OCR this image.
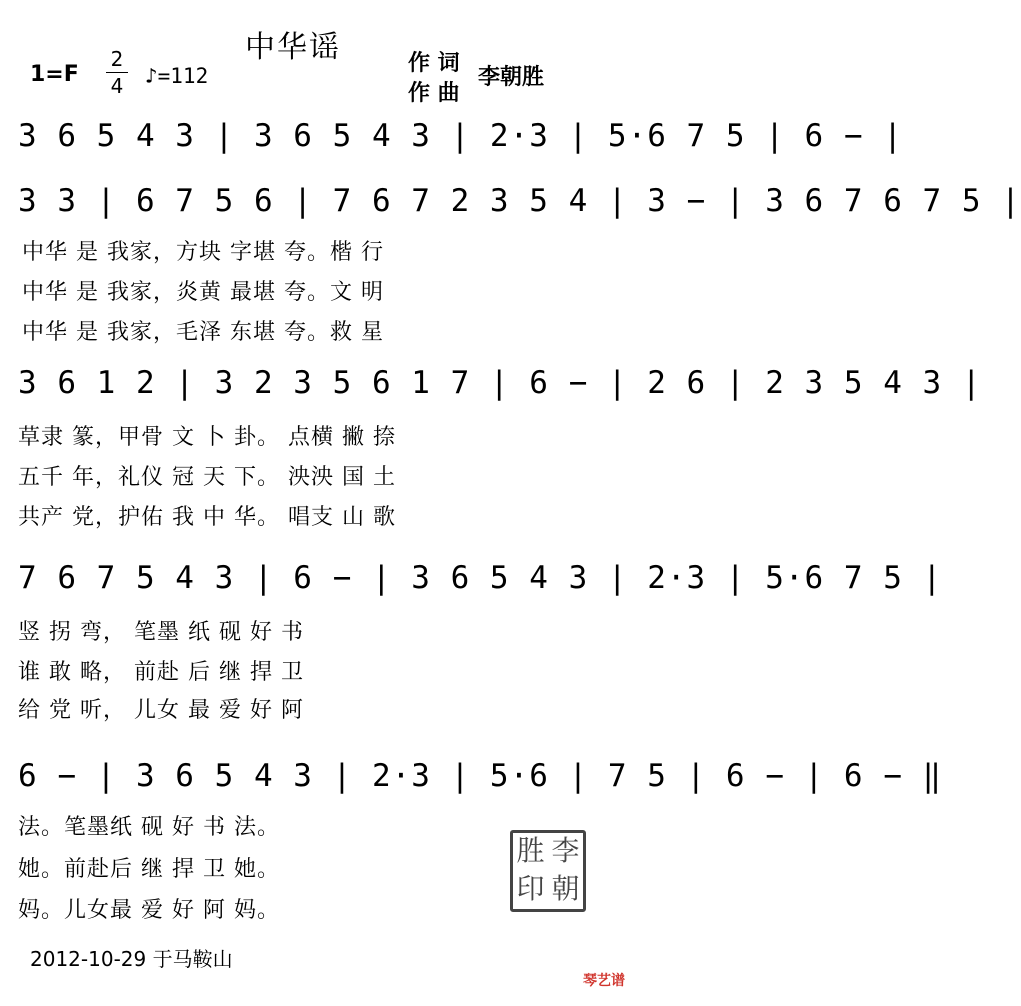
中华谣
1=F
2
4 ♪=112	作 词
作 曲
李朝胜
3 6 5 4 3 | 3 6 5 4 3 | 2·3 | 5·6 7 5 | 6 − |
3 3 | 6 7 5 6 | 7 6 7 2 3 5 4 | 3 − | 3 6 7 6 7 5 |
中华 是 我家，方块 字堪 夸。楷 行
中华 是 我家，炎黄 最堪 夸。文 明
中华 是 我家，毛泽 东堪 夸。救 星
3 6 1 2 | 3 2 3 5 6 1 7 | 6 − | 2 6 | 2 3 5 4 3 |
草隶 篆，甲骨 文 卜 卦。 点横 撇 捺
五千 年，礼仪 冠 天 下。 泱泱 国 土
共产 党，护佑 我 中 华。 唱支 山 歌
7 6 7 5 4 3 | 6 − | 3 6 5 4 3 | 2·3 | 5·6 7 5 |
竖 拐 弯， 笔墨 纸 砚 好 书
谁 敢 略， 前赴 后 继 捍 卫
给 党 听， 儿女 最 爱 好 阿
6 − | 3 6 5 4 3 | 2·3 | 5·6 | 7 5 | 6 − | 6 − ‖
法。笔墨纸 砚 好 书 法。
她。前赴后 继 捍 卫 她。
妈。儿女最 爱 好 阿 妈。
胜 李
印 朝
2012-10-29 于马鞍山
琴艺谱
